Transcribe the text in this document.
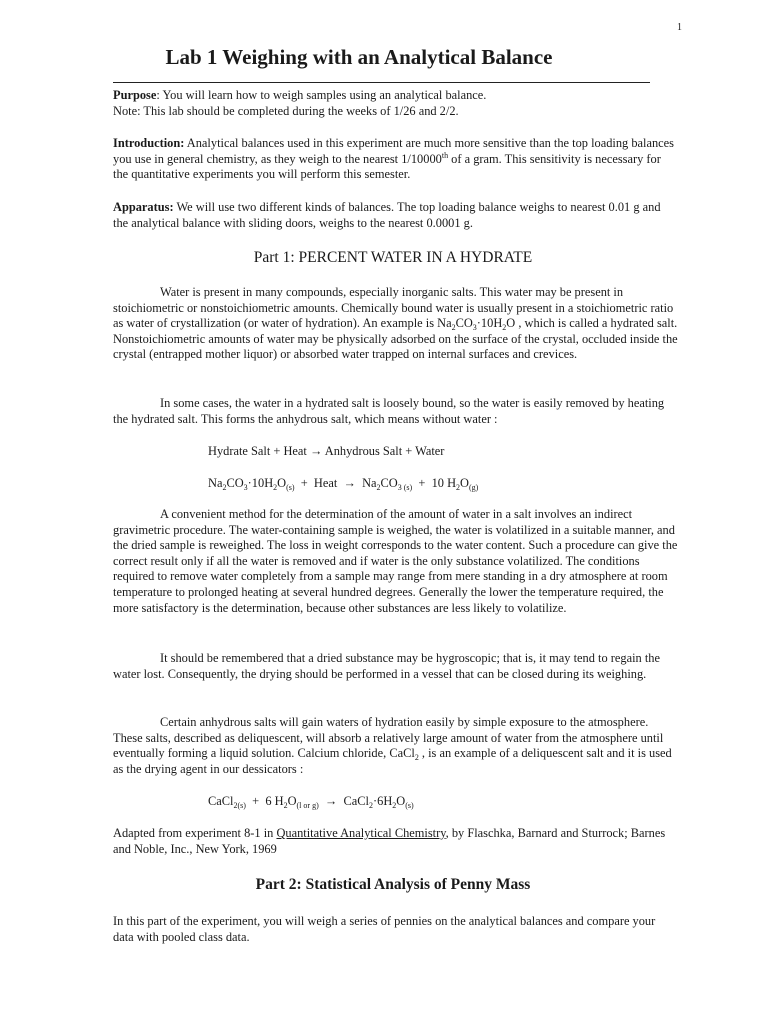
1
Lab 1 Weighing with an Analytical Balance

Purpose: You will learn how to weigh samples using an analytical balance.

Note: This lab should be completed during the weeks of 1/26 and 2/2.

Introduction: Analytical balances used in this experiment are much more sensitive than the top loading balances you use in general chemistry, as they weigh to the nearest 1/10000th of a gram. This sensitivity is necessary for the quantitative experiments you will perform this semester.

Apparatus: We will use two different kinds of balances. The top loading balance weighs to nearest 0.01 g and the analytical balance with sliding doors, weighs to the nearest 0.0001 g.

Part 1: PERCENT WATER IN A HYDRATE

Water is present in many compounds, especially inorganic salts. This water may be present in stoichiometric or nonstoichiometric amounts. Chemically bound water is usually present in a stoichiometric ratio as water of crystallization (or water of hydration). An example is $Na_2CO_3\cdot 10H_2O$ , which is called a hydrated salt. Nonstoichiometric amounts of water may be physically adsorbed on the surface of the crystal, occluded inside the crystal (entrapped mother liquor) or absorbed water trapped on internal surfaces and crevices.

In some cases, the water in a hydrated salt is loosely bound, so the water is easily removed by heating the hydrated salt. This forms the anhydrous salt, which means without water :

Hydrate Salt + Heat → Anhydrous Salt + Water
$Na_2CO_3\cdot 10H_2O_{(s)}$  +  Heat  →  $Na_2CO_{3 (s)} + 10$ $H_2O_{(g)}$

A convenient method for the determination of the amount of water in a salt involves an indirect gravimetric procedure. The water-containing sample is weighed, the water is volatilized in a suitable manner, and the dried sample is reweighed. The loss in weight corresponds to the water content. Such a procedure can give the correct result only if all the water is removed and if water is the only substance volatilized. The conditions required to remove water completely from a sample may range from mere standing in a dry atmosphere at room temperature to prolonged heating at several hundred degrees. Generally the lower the temperature required, the more satisfactory is the determination, because other substances are less likely to volatilize.

It should be remembered that a dried substance may be hygroscopic; that is, it may tend to regain the water lost. Consequently, the drying should be performed in a vessel that can be closed during its weighing.

Certain anhydrous salts will gain waters of hydration easily by simple exposure to the atmosphere. These salts, described as deliquescent, will absorb a relatively large amount of water from the atmosphere until eventually forming a liquid solution. Calcium chloride, CaCl$_2$ , is an example of a deliquescent salt and it is used as the drying agent in our dessicators :

CaCl$_{2(s)}$  +  6 $H_2O_{(l or g)}$  →  $CaCl_2\cdot 6H_2O_{(s)}$

Adapted from experiment 8-1 in Quantitative Analytical Chemistry, by Flaschka, Barnard and Sturrock; Barnes and Noble, Inc., New York, 1969

Part 2: Statistical Analysis of Penny Mass

In this part of the experiment, you will weigh a series of pennies on the analytical balances and compare your data with pooled class data.
